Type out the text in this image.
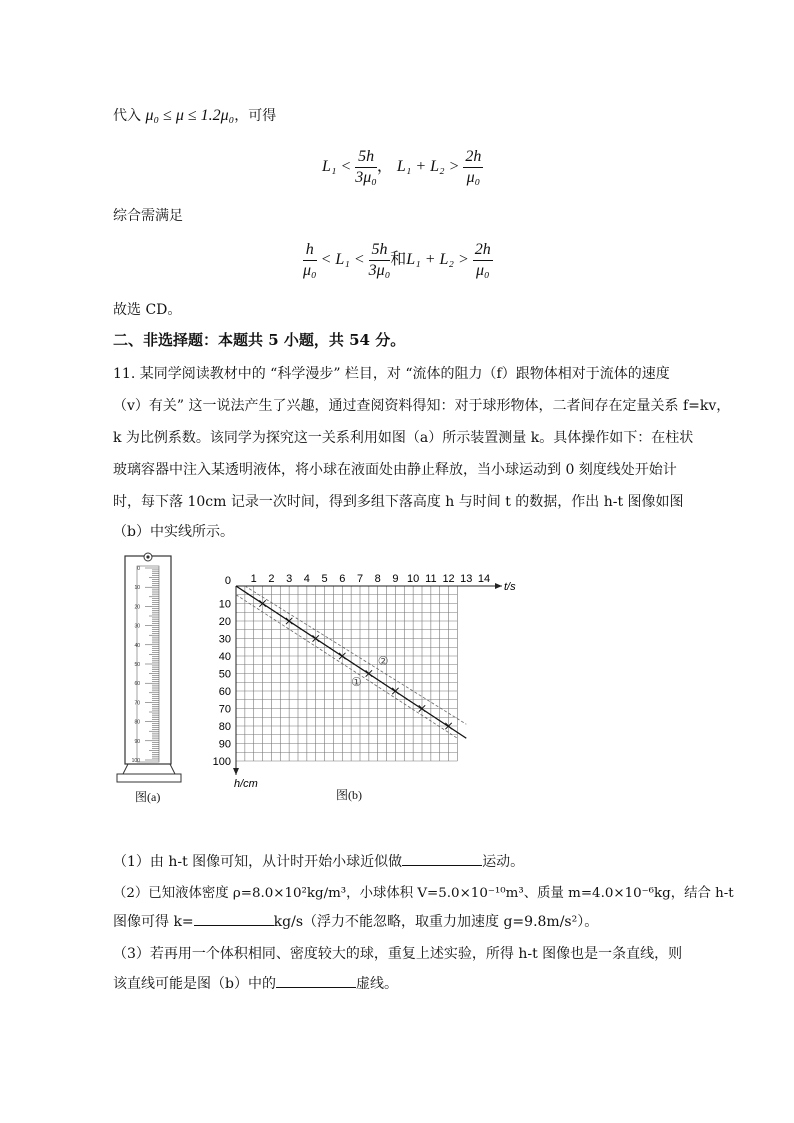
代入 μ₀ ≤ μ ≤ 1.2μ₀，可得
$L_1 < \frac{5h}{\text{3μ₀}}$ ， $L_1 + L_2 > \frac{2h}{\text{μ₀}}$
综合需满足
$\frac{h}{\text{μ₀}} < L_1 < \frac{5h}{\text{3μ₀}}$ 和$L_1 + L_2 > \frac{2h}{\text{μ₀}}$
故选 CD。
二、非选择题：本题共 5 小题，共 54 分。
11. 某同学阅读教材中的 “科学漫步” 栏目，对 “流体的阻力（f）跟物体相对于流体的速度
（v）有关” 这一说法产生了兴趣，通过查阅资料得知：对于球形物体，二者间存在定量关系 f=kv，
k 为比例系数。该同学为探究这一关系利用如图（a）所示装置测量 k。具体操作如下：在柱状
玻璃容器中注入某透明液体，将小球在液面处由静止释放，当小球运动到 0 刻度线处开始计
时，每下落 10cm 记录一次时间，得到多组下落高度 h 与时间 t 的数据，作出 h-t 图像如图
（b）中实线所示。
0
10
20
30
40
50
60
70
80
90
100
图(a)
1 2 3 4 5 6 7 8 9 10 11 12 13 14
0
10
20
30
40
50
60
70
80
90
100
t/s
h/cm
①
②
图(b)
（1）由 h-t 图像可知，从计时开始小球近似做	运动。
（2）已知液体密度 ρ=8.0×10²kg/m³，小球体积 V=5.0×10⁻¹⁰m³、质量 m=4.0×10⁻⁶kg，结合 h-t
图像可得 k=	kg/s（浮力不能忽略，取重力加速度 g=9.8m/s²）。
（3）若再用一个体积相同、密度较大的球，重复上述实验，所得 h-t 图像也是一条直线，则
该直线可能是图（b）中的	虚线。
